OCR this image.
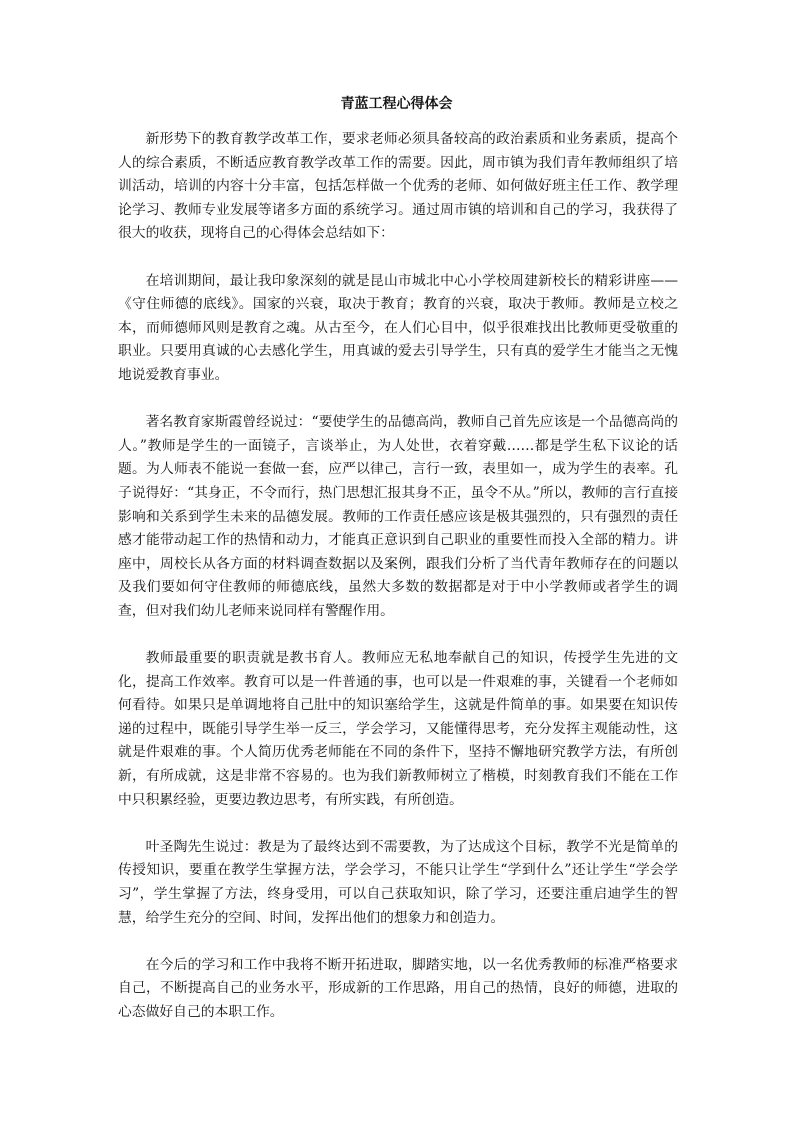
青蓝工程心得体会

新形势下的教育教学改革工作，要求老师必须具备较高的政治素质和业务素质，提高个人的综合素质，不断适应教育教学改革工作的需要。因此，周市镇为我们青年教师组织了培训活动，培训的内容十分丰富，包括怎样做一个优秀的老师、如何做好班主任工作、教学理论学习、教师专业发展等诸多方面的系统学习。通过周市镇的培训和自己的学习，我获得了很大的收获，现将自己的心得体会总结如下：

在培训期间，最让我印象深刻的就是昆山市城北中心小学校周建新校长的精彩讲座——《守住师德的底线》。国家的兴衰，取决于教育；教育的兴衰，取决于教师。教师是立校之本，而师德师风则是教育之魂。从古至今，在人们心目中，似乎很难找出比教师更受敬重的职业。只要用真诚的心去感化学生，用真诚的爱去引导学生，只有真的爱学生才能当之无愧地说爱教育事业。

著名教育家斯霞曾经说过：“要使学生的品德高尚，教师自己首先应该是一个品德高尚的人。”教师是学生的一面镜子，言谈举止，为人处世，衣着穿戴……都是学生私下议论的话题。为人师表不能说一套做一套，应严以律己，言行一致，表里如一，成为学生的表率。孔子说得好：“其身正，不令而行，热门思想汇报其身不正，虽令不从。”所以，教师的言行直接影响和关系到学生未来的品德发展。教师的工作责任感应该是极其强烈的，只有强烈的责任感才能带动起工作的热情和动力，才能真正意识到自己职业的重要性而投入全部的精力。讲座中，周校长从各方面的材料调查数据以及案例，跟我们分析了当代青年教师存在的问题以及我们要如何守住教师的师德底线，虽然大多数的数据都是对于中小学教师或者学生的调查，但对我们幼儿老师来说同样有警醒作用。

教师最重要的职责就是教书育人。教师应无私地奉献自己的知识，传授学生先进的文化，提高工作效率。教育可以是一件普通的事，也可以是一件艰难的事，关键看一个老师如何看待。如果只是单调地将自己肚中的知识塞给学生，这就是件简单的事。如果要在知识传递的过程中，既能引导学生举一反三，学会学习，又能懂得思考，充分发挥主观能动性，这就是件艰难的事。个人简历优秀老师能在不同的条件下，坚持不懈地研究教学方法，有所创新，有所成就，这是非常不容易的。也为我们新教师树立了楷模，时刻教育我们不能在工作中只积累经验，更要边教边思考，有所实践，有所创造。

叶圣陶先生说过：教是为了最终达到不需要教，为了达成这个目标，教学不光是简单的传授知识，要重在教学生掌握方法，学会学习，不能只让学生“学到什么”还让学生“学会学习”，学生掌握了方法，终身受用，可以自己获取知识，除了学习，还要注重启迪学生的智慧，给学生充分的空间、时间，发挥出他们的想象力和创造力。

在今后的学习和工作中我将不断开拓进取，脚踏实地，以一名优秀教师的标准严格要求自己，不断提高自己的业务水平，形成新的工作思路，用自己的热情，良好的师德，进取的心态做好自己的本职工作。
